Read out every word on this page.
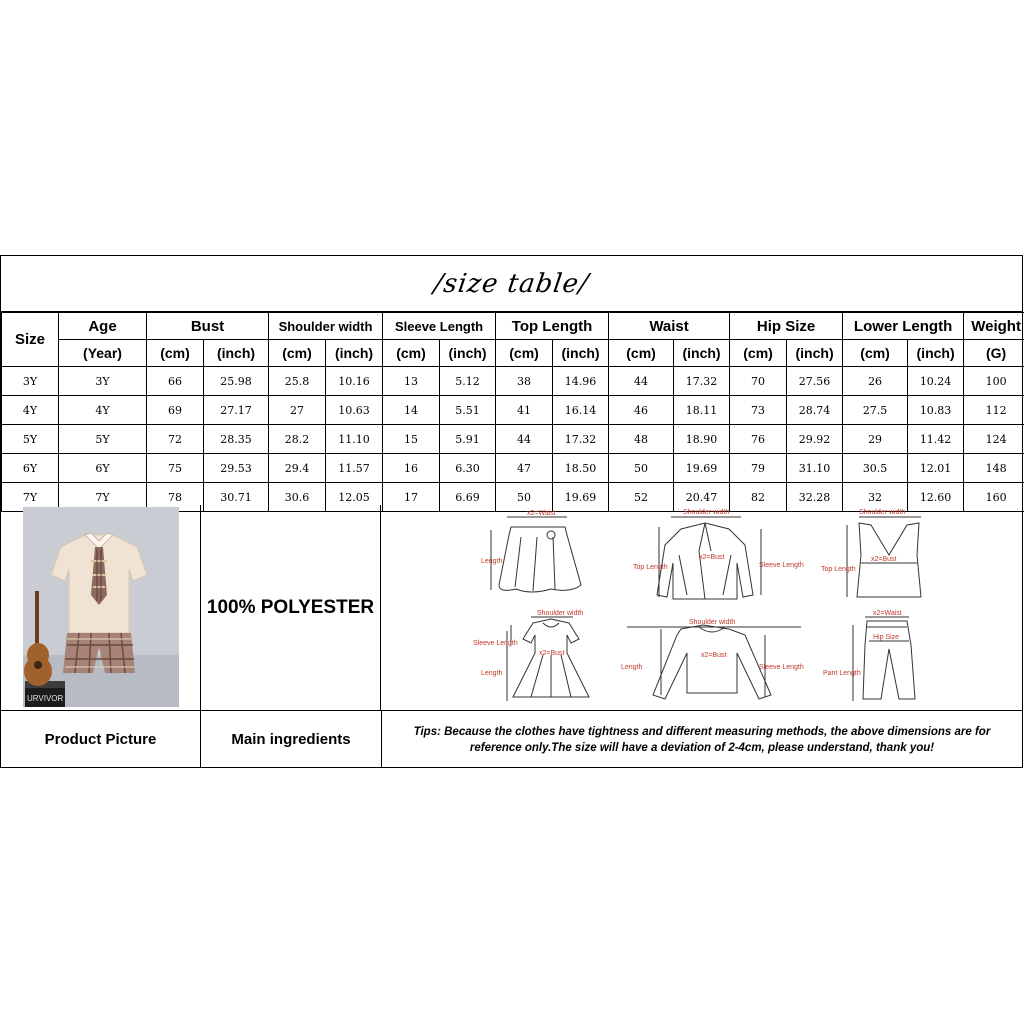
/size table/
Size	Age	Bust		Shoulder width		Sleeve Length		Top Length		Waist		Hip Size		Lower Length		Weight
	(Year)	(cm)	(inch)	(cm)	(inch)	(cm)	(inch)	(cm)	(inch)	(cm)	(inch)	(cm)	(inch)	(cm)	(inch)	(G)
3Y	3Y	66	25.98	25.8	10.16	13	5.12	38	14.96	44	17.32	70	27.56	26	10.24	100
4Y	4Y	69	27.17	27	10.63	14	5.51	41	16.14	46	18.11	73	28.74	27.5	10.83	112
5Y	5Y	72	28.35	28.2	11.10	15	5.91	44	17.32	48	18.90	76	29.92	29	11.42	124
6Y	6Y	75	29.53	29.4	11.57	16	6.30	47	18.50	50	19.69	79	31.10	30.5	12.01	148
7Y	7Y	78	30.71	30.6	12.05	17	6.69	50	19.69	52	20.47	82	32.28	32	12.60	160
URVIVOR
100% POLYESTER
x2=Waist
Length
Shoulder width
x2=Bust
Top Length	Sleeve Length
Shoulder width
x2=Bust
Top Length
Shoulder width
Sleeve Length
x2=Bust
Length
Shoulder width
x2=Bust
Length	Sleeve Length
x2=Waist
Hip Size
Pant Length
Product Picture	Main ingredients	Tips: Because the clothes have tightness and different measuring methods, the above dimensions are for reference only.The size will have a deviation of 2-4cm, please understand, thank you!
